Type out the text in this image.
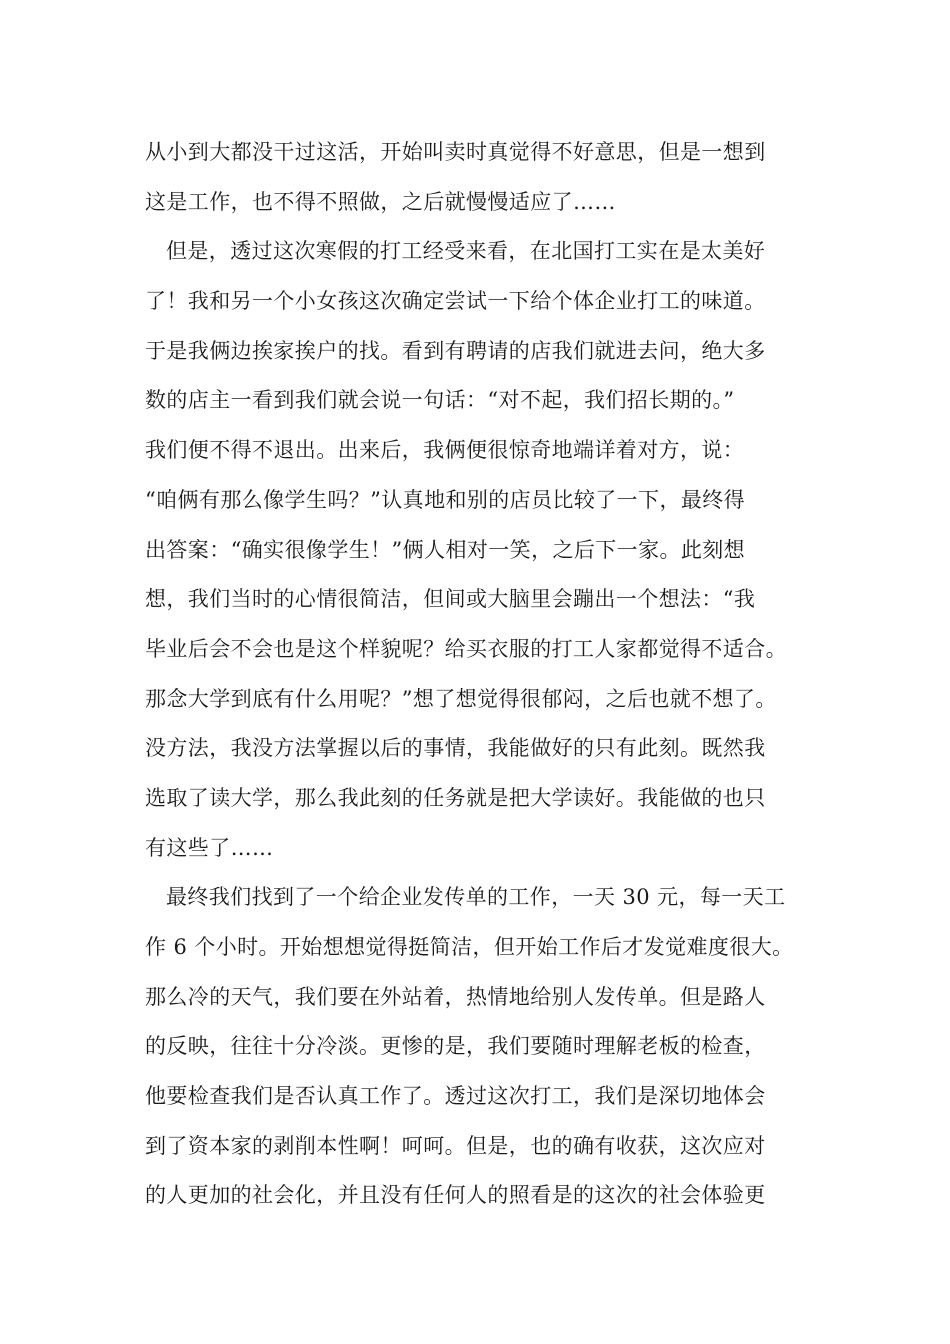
从小到大都没干过这活，开始叫卖时真觉得不好意思，但是一想到
这是工作，也不得不照做，之后就慢慢适应了……
但是，透过这次寒假的打工经受来看，在北国打工实在是太美好
了！我和另一个小女孩这次确定尝试一下给个体企业打工的味道。
于是我俩边挨家挨户的找。看到有聘请的店我们就进去问，绝大多
数的店主一看到我们就会说一句话：“对不起，我们招长期的。”
我们便不得不退出。出来后，我俩便很惊奇地端详着对方，说：
“咱俩有那么像学生吗？”认真地和别的店员比较了一下，最终得
出答案：“确实很像学生！”俩人相对一笑，之后下一家。此刻想
想，我们当时的心情很简洁，但间或大脑里会蹦出一个想法：“我
毕业后会不会也是这个样貌呢？给买衣服的打工人家都觉得不适合。
那念大学到底有什么用呢？”想了想觉得很郁闷，之后也就不想了。
没方法，我没方法掌握以后的事情，我能做好的只有此刻。既然我
选取了读大学，那么我此刻的任务就是把大学读好。我能做的也只
有这些了……
最终我们找到了一个给企业发传单的工作，一天 30 元，每一天工
作 6 个小时。开始想想觉得挺简洁，但开始工作后才发觉难度很大。
那么冷的天气，我们要在外站着，热情地给别人发传单。但是路人
的反映，往往十分冷淡。更惨的是，我们要随时理解老板的检查，
他要检查我们是否认真工作了。透过这次打工，我们是深切地体会
到了资本家的剥削本性啊！呵呵。但是，也的确有收获，这次应对
的人更加的社会化，并且没有任何人的照看是的这次的社会体验更
